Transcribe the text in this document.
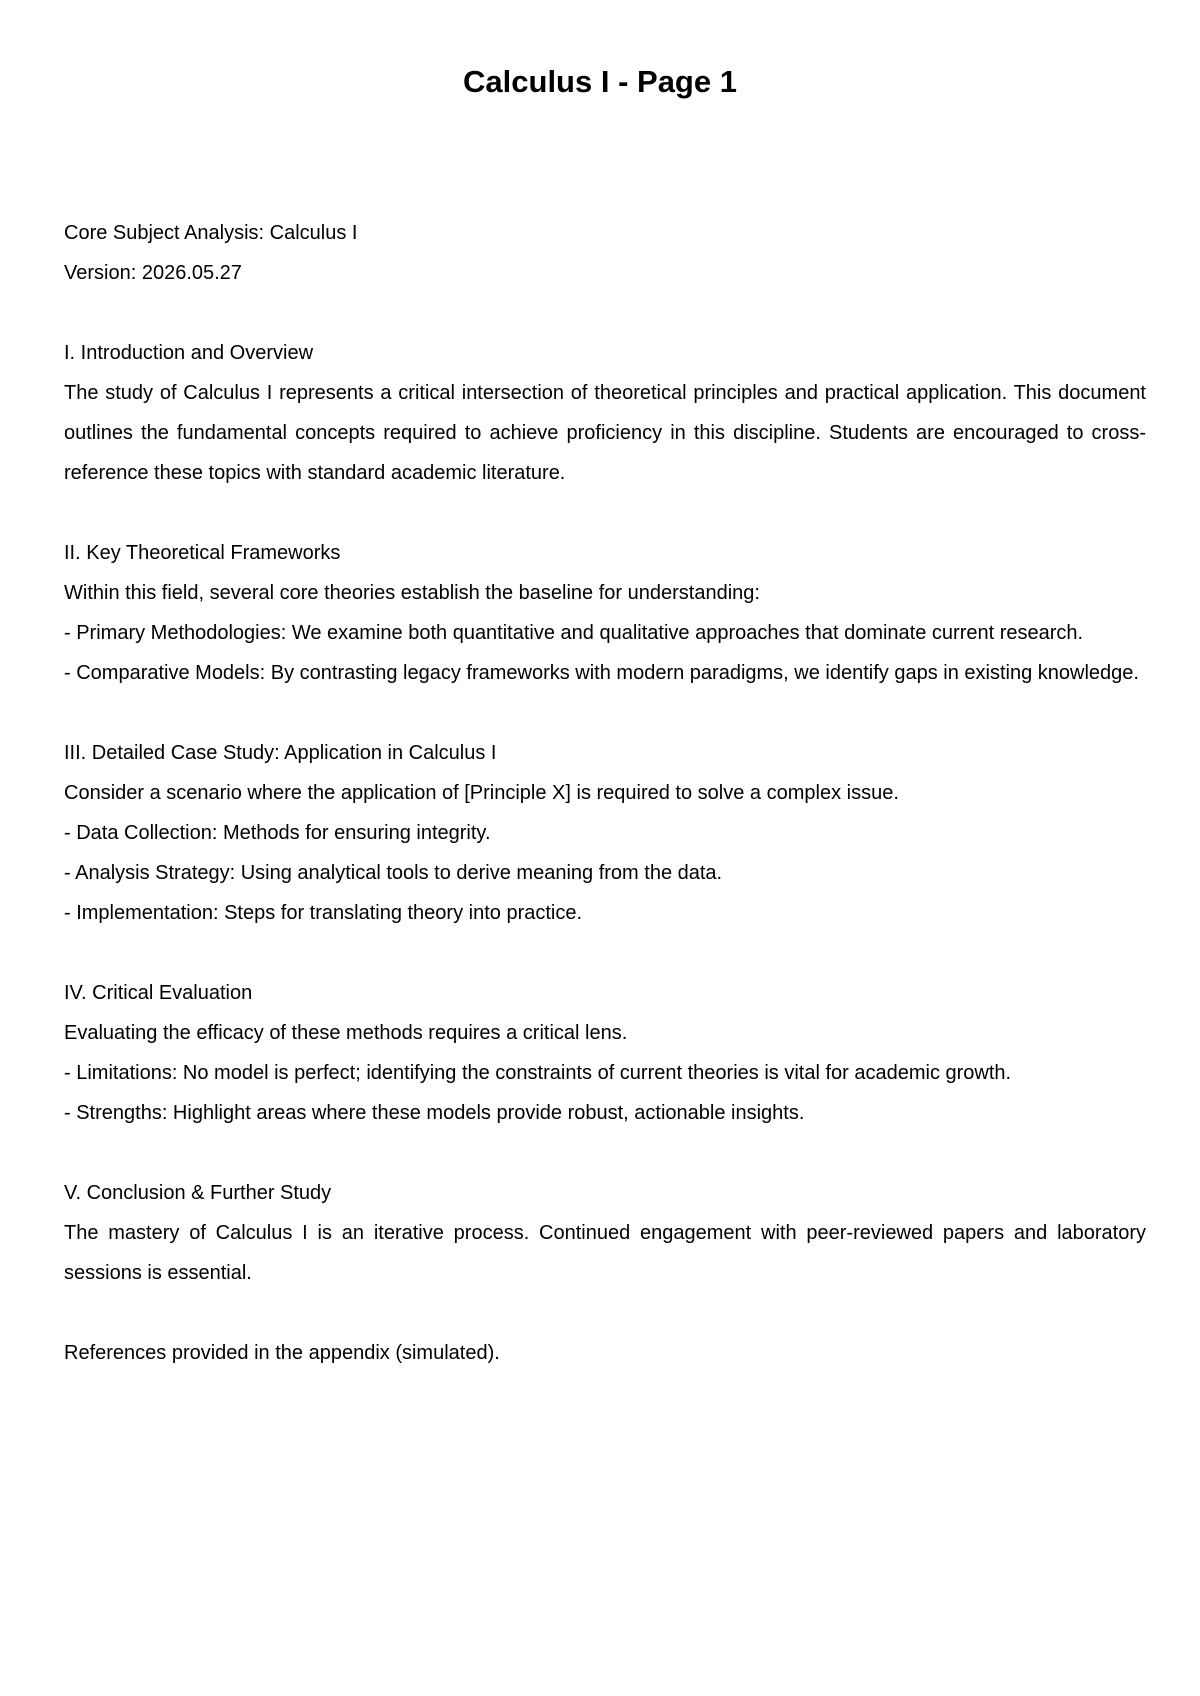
Calculus I - Page 1
Core Subject Analysis: Calculus I
Version: 2026.05.27
I. Introduction and Overview
The study of Calculus I represents a critical intersection of theoretical principles and practical application. This document outlines the fundamental concepts required to achieve proficiency in this discipline. Students are encouraged to cross-reference these topics with standard academic literature.
II. Key Theoretical Frameworks
Within this field, several core theories establish the baseline for understanding:
- Primary Methodologies: We examine both quantitative and qualitative approaches that dominate current research.
- Comparative Models: By contrasting legacy frameworks with modern paradigms, we identify gaps in existing knowledge.
III. Detailed Case Study: Application in Calculus I
Consider a scenario where the application of [Principle X] is required to solve a complex issue.
- Data Collection: Methods for ensuring integrity.
- Analysis Strategy: Using analytical tools to derive meaning from the data.
- Implementation: Steps for translating theory into practice.
IV. Critical Evaluation
Evaluating the efficacy of these methods requires a critical lens.
- Limitations: No model is perfect; identifying the constraints of current theories is vital for academic growth.
- Strengths: Highlight areas where these models provide robust, actionable insights.
V. Conclusion & Further Study
The mastery of Calculus I is an iterative process. Continued engagement with peer-reviewed papers and laboratory sessions is essential.
References provided in the appendix (simulated).
